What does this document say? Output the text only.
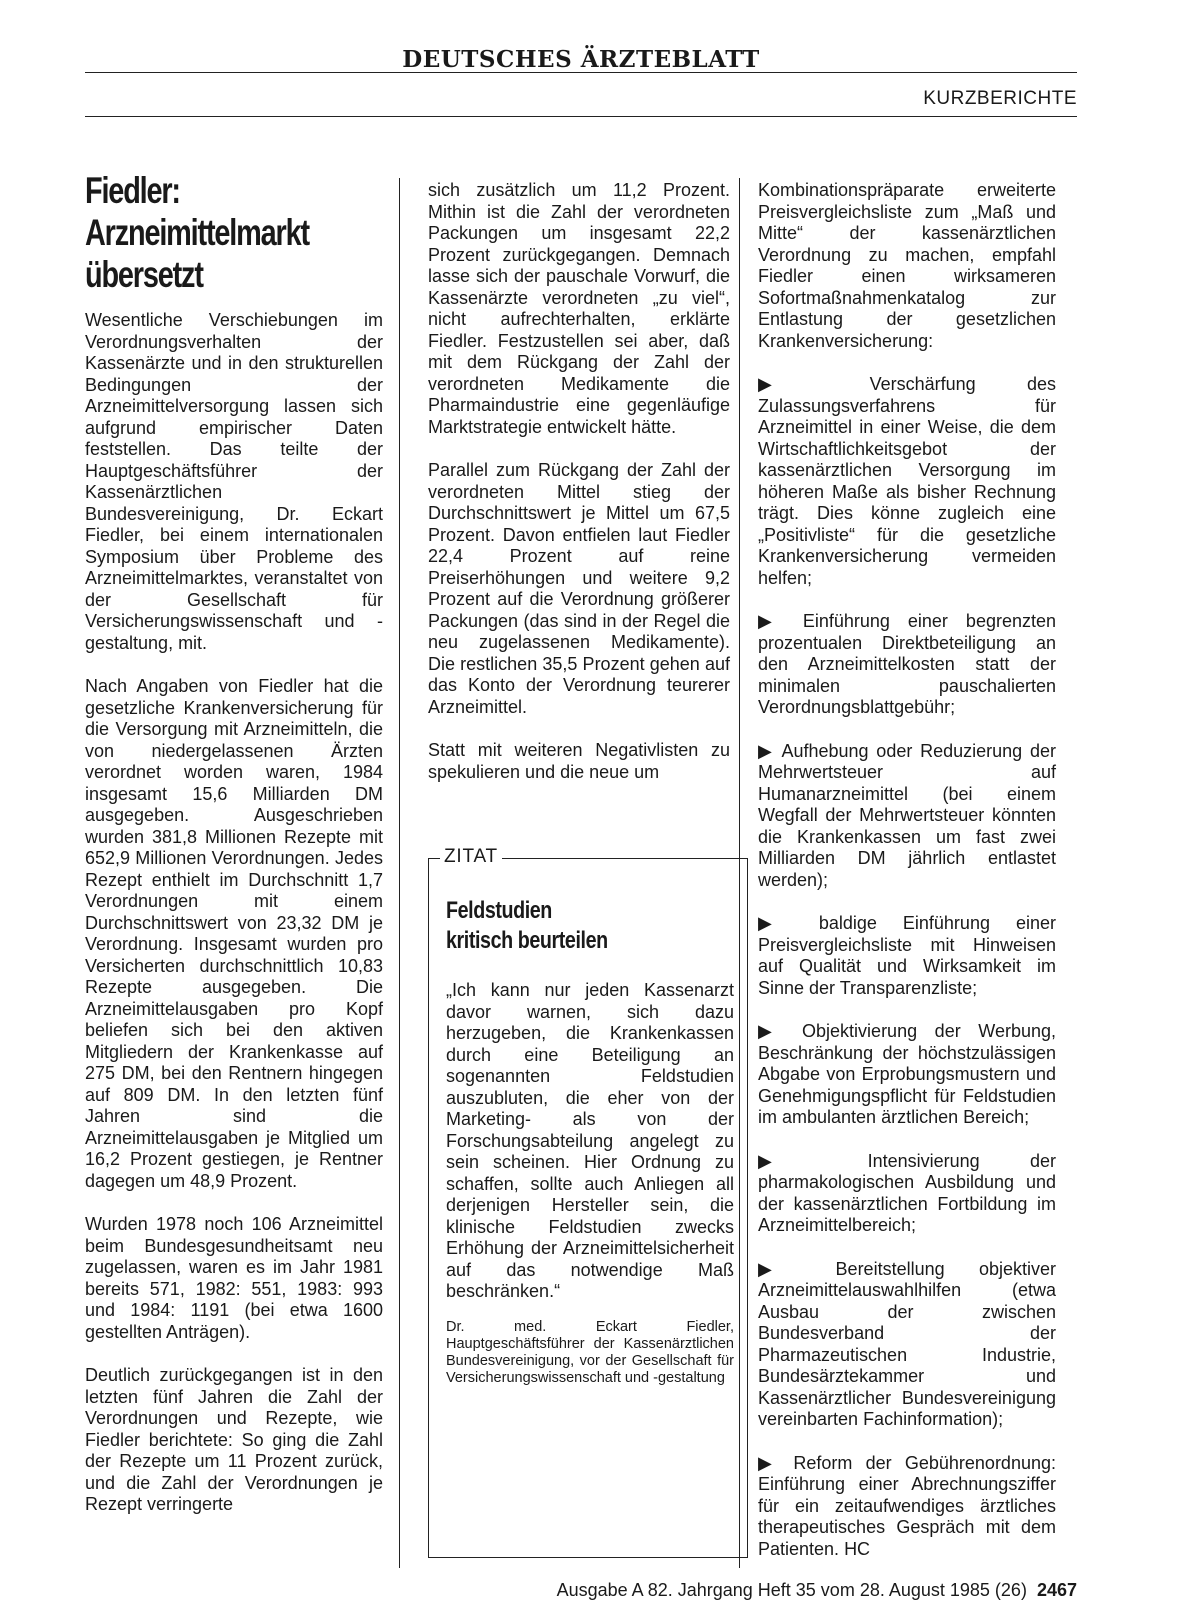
DEUTSCHES ÄRZTEBLATT
KURZBERICHTE
Fiedler:
Arzneimittelmarkt
übersetzt

Wesentliche Verschiebungen im Verordnungsverhalten der Kassenärzte und in den strukturellen Bedingungen der Arzneimittelversorgung lassen sich aufgrund empirischer Daten feststellen. Das teilte der Hauptgeschäftsführer der Kassenärztlichen Bundesvereinigung, Dr. Eckart Fiedler, bei einem internationalen Symposium über Probleme des Arzneimittelmarktes, veranstaltet von der Gesellschaft für Versicherungswissenschaft und -gestaltung, mit.

Nach Angaben von Fiedler hat die gesetzliche Krankenversicherung für die Versorgung mit Arzneimitteln, die von niedergelassenen Ärzten verordnet worden waren, 1984 insgesamt 15,6 Milliarden DM ausgegeben. Ausgeschrieben wurden 381,8 Millionen Rezepte mit 652,9 Millionen Verordnungen. Jedes Rezept enthielt im Durchschnitt 1,7 Verordnungen mit einem Durchschnittswert von 23,32 DM je Verordnung. Insgesamt wurden pro Versicherten durchschnittlich 10,83 Rezepte ausgegeben. Die Arzneimittelausgaben pro Kopf beliefen sich bei den aktiven Mitgliedern der Krankenkasse auf 275 DM, bei den Rentnern hingegen auf 809 DM. In den letzten fünf Jahren sind die Arzneimittelausgaben je Mitglied um 16,2 Prozent gestiegen, je Rentner dagegen um 48,9 Prozent.

Wurden 1978 noch 106 Arzneimittel beim Bundesgesundheitsamt neu zugelassen, waren es im Jahr 1981 bereits 571, 1982: 551, 1983: 993 und 1984: 1191 (bei etwa 1600 gestellten Anträgen).

Deutlich zurückgegangen ist in den letzten fünf Jahren die Zahl der Verordnungen und Rezepte, wie Fiedler berichtete: So ging die Zahl der Rezepte um 11 Prozent zurück, und die Zahl der Verordnungen je Rezept verringerte

sich zusätzlich um 11,2 Prozent. Mithin ist die Zahl der verordneten Packungen um insgesamt 22,2 Prozent zurückgegangen. Demnach lasse sich der pauschale Vorwurf, die Kassenärzte verordneten „zu viel“, nicht aufrechterhalten, erklärte Fiedler. Festzustellen sei aber, daß mit dem Rückgang der Zahl der verordneten Medikamente die Pharmaindustrie eine gegenläufige Marktstrategie entwickelt hätte.

Parallel zum Rückgang der Zahl der verordneten Mittel stieg der Durchschnittswert je Mittel um 67,5 Prozent. Davon entfielen laut Fiedler 22,4 Prozent auf reine Preiserhöhungen und weitere 9,2 Prozent auf die Verordnung größerer Packungen (das sind in der Regel die neu zugelassenen Medikamente). Die restlichen 35,5 Prozent gehen auf das Konto der Verordnung teurerer Arzneimittel.

Statt mit weiteren Negativlisten zu spekulieren und die neue um

ZITAT
Feldstudien
kritisch beurteilen
„Ich kann nur jeden Kassenarzt davor warnen, sich dazu herzugeben, die Krankenkassen durch eine Beteiligung an sogenannten Feldstudien auszubluten, die eher von der Marketing- als von der Forschungsabteilung angelegt zu sein scheinen. Hier Ordnung zu schaffen, sollte auch Anliegen all derjenigen Hersteller sein, die klinische Feldstudien zwecks Erhöhung der Arzneimittelsicherheit auf das notwendige Maß beschränken.“
Dr. med. Eckart Fiedler, Hauptgeschäftsführer der Kassenärztlichen Bundesvereinigung, vor der Gesellschaft für Versicherungswissenschaft und -gestaltung

Kombinationspräparate erweiterte Preisvergleichsliste zum „Maß und Mitte“ der kassenärztlichen Verordnung zu machen, empfahl Fiedler einen wirksameren Sofortmaßnahmenkatalog zur Entlastung der gesetzlichen Krankenversicherung:

▶ Verschärfung des Zulassungsverfahrens für Arzneimittel in einer Weise, die dem Wirtschaftlichkeitsgebot der kassenärztlichen Versorgung im höheren Maße als bisher Rechnung trägt. Dies könne zugleich eine „Positivliste“ für die gesetzliche Krankenversicherung vermeiden helfen;

▶ Einführung einer begrenzten prozentualen Direktbeteiligung an den Arzneimittelkosten statt der minimalen pauschalierten Verordnungsblattgebühr;

▶ Aufhebung oder Reduzierung der Mehrwertsteuer auf Humanarzneimittel (bei einem Wegfall der Mehrwertsteuer könnten die Krankenkassen um fast zwei Milliarden DM jährlich entlastet werden);

▶ baldige Einführung einer Preisvergleichsliste mit Hinweisen auf Qualität und Wirksamkeit im Sinne der Transparenzliste;

▶ Objektivierung der Werbung, Beschränkung der höchstzulässigen Abgabe von Erprobungsmustern und Genehmigungspflicht für Feldstudien im ambulanten ärztlichen Bereich;

▶ Intensivierung der pharmakologischen Ausbildung und der kassenärztlichen Fortbildung im Arzneimittelbereich;

▶ Bereitstellung objektiver Arzneimittelauswahlhilfen (etwa Ausbau der zwischen Bundesverband der Pharmazeutischen Industrie, Bundesärztekammer und Kassenärztlicher Bundesvereinigung vereinbarten Fachinformation);

▶ Reform der Gebührenordnung: Einführung einer Abrechnungsziffer für ein zeitaufwendiges ärztliches therapeutisches Gespräch mit dem Patienten. HC

Ausgabe A 82. Jahrgang Heft 35 vom 28. August 1985 (26) 2467
